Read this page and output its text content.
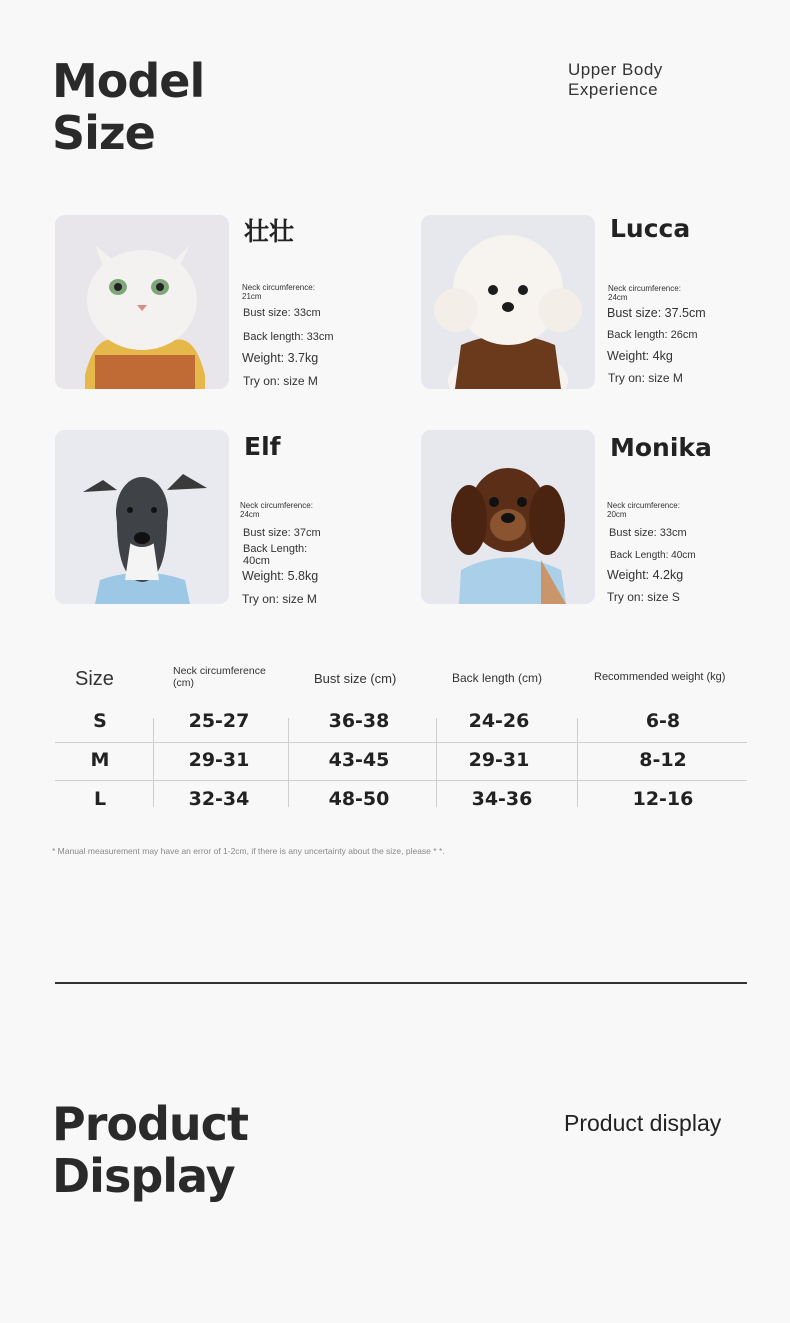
Model
Size
Upper Body
Experience
壮壮
Neck circumference: 21cm
Bust size: 33cm
Back length: 33cm
Weight: 3.7kg
Try on: size M
Lucca
Neck circumference: 24cm
Bust size: 37.5cm
Back length: 26cm
Weight: 4kg
Try on: size M
Elf
Neck circumference: 24cm
Bust size: 37cm
Back Length: 40cm
Weight: 5.8kg
Try on: size M
Monika
Neck circumference: 20cm
Bust size: 33cm
Back Length: 40cm
Weight: 4.2kg
Try on: size S
Size	Neck circumference (cm)	Bust size (cm)	Back length (cm)	Recommended weight (kg)
S	25-27	36-38	24-26	6-8
M	29-31	43-45	29-31	8-12
L	32-34	48-50	34-36	12-16
* Manual measurement may have an error of 1-2cm, if there is any uncertainty about the size, please * *.
Product
Display
Product display
